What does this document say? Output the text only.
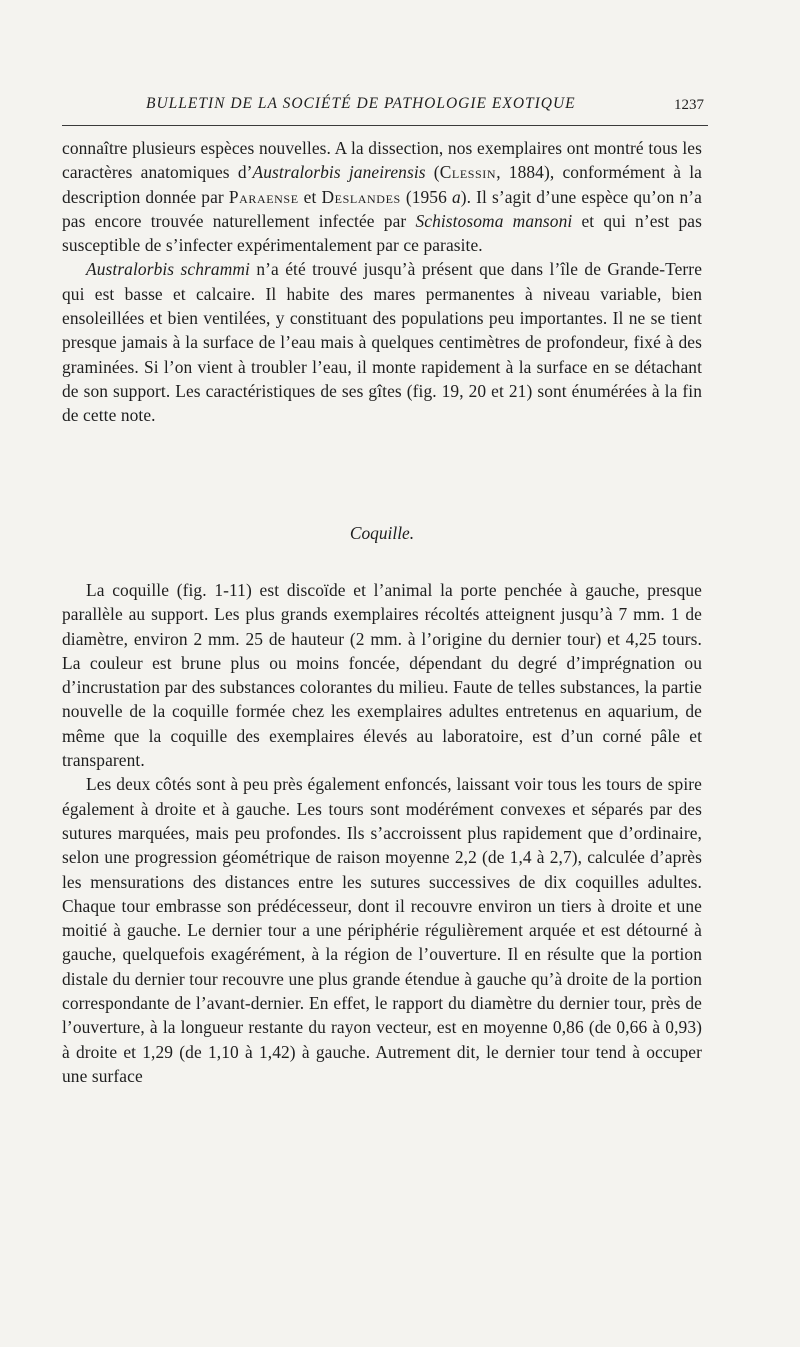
BULLETIN DE LA SOCIÉTÉ DE PATHOLOGIE EXOTIQUE	1237

connaître plusieurs espèces nouvelles. A la dissection, nos exemplaires ont montré tous les caractères anatomiques d’Australorbis janeirensis (Clessin, 1884), conformément à la description donnée par Paraense et Deslandes (1956 a). Il s’agit d’une espèce qu’on n’a pas encore trouvée naturellement infectée par Schistosoma mansoni et qui n’est pas susceptible de s’infecter expérimentalement par ce parasite.

Australorbis schrammi n’a été trouvé jusqu’à présent que dans l’île de Grande-Terre qui est basse et calcaire. Il habite des mares permanentes à niveau variable, bien ensoleillées et bien ventilées, y constituant des populations peu importantes. Il ne se tient presque jamais à la surface de l’eau mais à quelques centimètres de profondeur, fixé à des graminées. Si l’on vient à troubler l’eau, il monte rapidement à la surface en se détachant de son support. Les caractéristiques de ses gîtes (fig. 19, 20 et 21) sont énumérées à la fin de cette note.

Coquille.

La coquille (fig. 1-11) est discoïde et l’animal la porte penchée à gauche, presque parallèle au support. Les plus grands exemplaires récoltés atteignent jusqu’à 7 mm. 1 de diamètre, environ 2 mm. 25 de hauteur (2 mm. à l’origine du dernier tour) et 4,25 tours. La couleur est brune plus ou moins foncée, dépendant du degré d’imprégnation ou d’incrustation par des substances colorantes du milieu. Faute de telles substances, la partie nouvelle de la coquille formée chez les exemplaires adultes entretenus en aquarium, de même que la coquille des exemplaires élevés au laboratoire, est d’un corné pâle et transparent.

Les deux côtés sont à peu près également enfoncés, laissant voir tous les tours de spire également à droite et à gauche. Les tours sont modérément convexes et séparés par des sutures marquées, mais peu profondes. Ils s’accroissent plus rapidement que d’ordinaire, selon une progression géométrique de raison moyenne 2,2 (de 1,4 à 2,7), calculée d’après les mensurations des distances entre les sutures successives de dix coquilles adultes. Chaque tour embrasse son prédécesseur, dont il recouvre environ un tiers à droite et une moitié à gauche. Le dernier tour a une périphérie régulièrement arquée et est détourné à gauche, quelquefois exagérément, à la région de l’ouverture. Il en résulte que la portion distale du dernier tour recouvre une plus grande étendue à gauche qu’à droite de la portion correspondante de l’avant-dernier. En effet, le rapport du diamètre du dernier tour, près de l’ouverture, à la longueur restante du rayon vecteur, est en moyenne 0,86 (de 0,66 à 0,93) à droite et 1,29 (de 1,10 à 1,42) à gauche. Autrement dit, le dernier tour tend à occuper une surface
